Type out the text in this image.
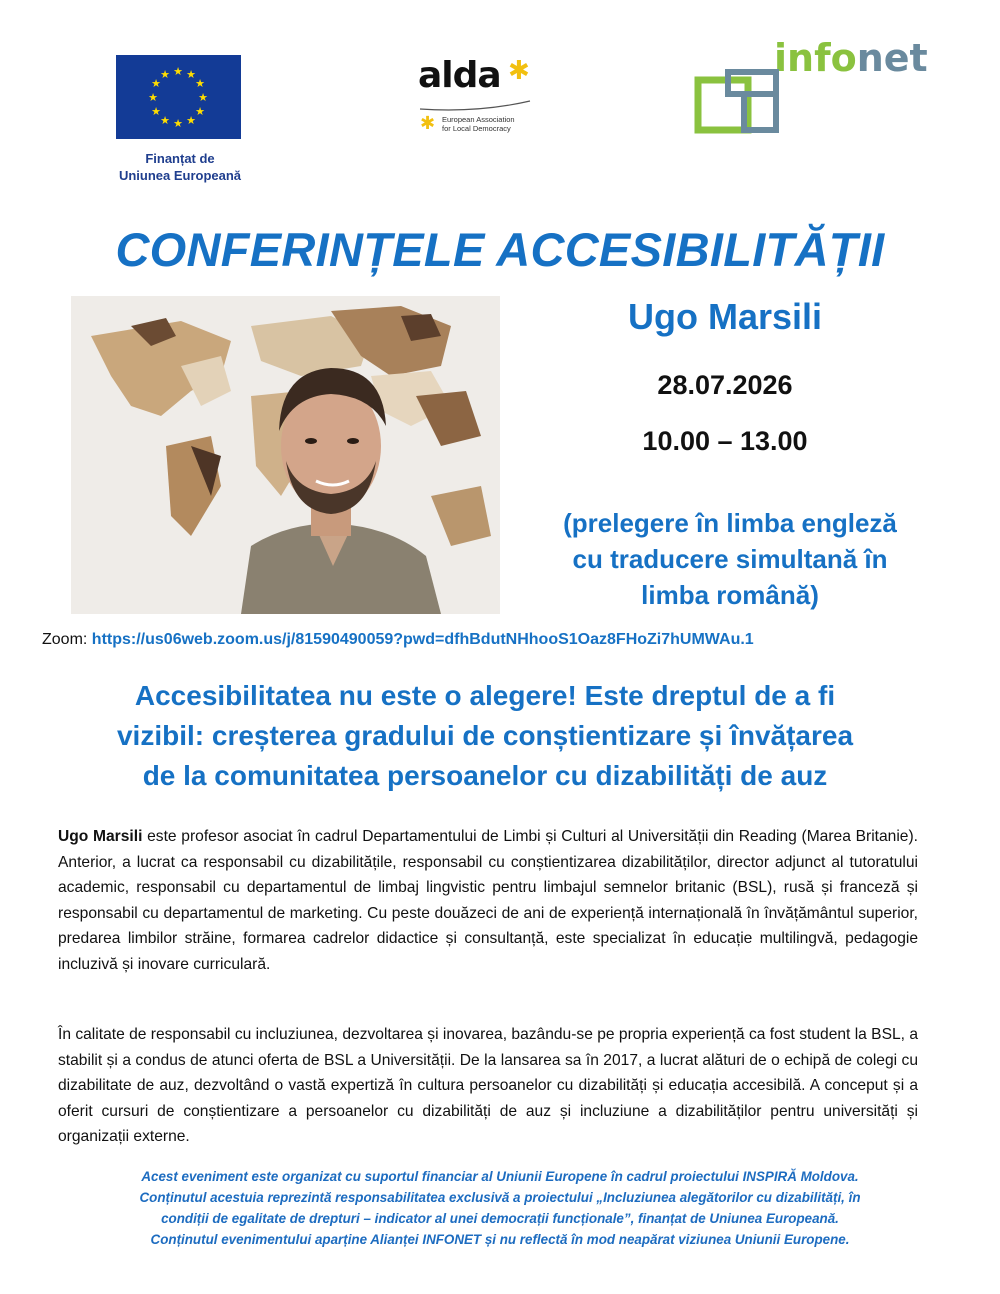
★ ★
★
★
★
★
★
★
★
★
★
★
Finanțat de
Uniunea Europeană
alda ✱
✱ European Association
for Local Democracy
infonet
CONFERINȚELE ACCESIBILITĂȚII
Ugo Marsili
28.07.2026
10.00 – 13.00
(prelegere în limba engleză
cu traducere simultană în
limba română)
Zoom: https://us06web.zoom.us/j/81590490059?pwd=dfhBdutNHhooS1Oaz8FHoZi7hUMWAu.1
Accesibilitatea nu este o alegere! Este dreptul de a fi
vizibil: creșterea gradului de conștientizare și învățarea
de la comunitatea persoanelor cu dizabilități de auz
Ugo Marsili este profesor asociat în cadrul Departamentului de Limbi și Culturi al Universității din Reading (Marea Britanie). Anterior, a lucrat ca responsabil cu dizabilitățile, responsabil cu conștientizarea dizabilităților, director adjunct al tutoratului academic, responsabil cu departamentul de limbaj lingvistic pentru limbajul semnelor britanic (BSL), rusă și franceză și responsabil cu departamentul de marketing. Cu peste douăzeci de ani de experiență internațională în învățământul superior, predarea limbilor străine, formarea cadrelor didactice și consultanță, este specializat în educație multilingvă, pedagogie incluzivă și inovare curriculară.
În calitate de responsabil cu incluziunea, dezvoltarea și inovarea, bazându-se pe propria experiență ca fost student la BSL, a stabilit și a condus de atunci oferta de BSL a Universității. De la lansarea sa în 2017, a lucrat alături de o echipă de colegi cu dizabilitate de auz, dezvoltând o vastă expertiză în cultura persoanelor cu dizabilități și educația accesibilă. A conceput și a oferit cursuri de conștientizare a persoanelor cu dizabilități de auz și incluziune a dizabilităților pentru universități și organizații externe.
Acest eveniment este organizat cu suportul financiar al Uniunii Europene în cadrul proiectului INSPIRĂ Moldova.
Conținutul acestuia reprezintă responsabilitatea exclusivă a proiectului „Incluziunea alegătorilor cu dizabilități, în
condiții de egalitate de drepturi – indicator al unei democrații funcționale”, finanțat de Uniunea Europeană.
Conținutul evenimentului aparține Alianței INFONET și nu reflectă în mod neapărat viziunea Uniunii Europene.
